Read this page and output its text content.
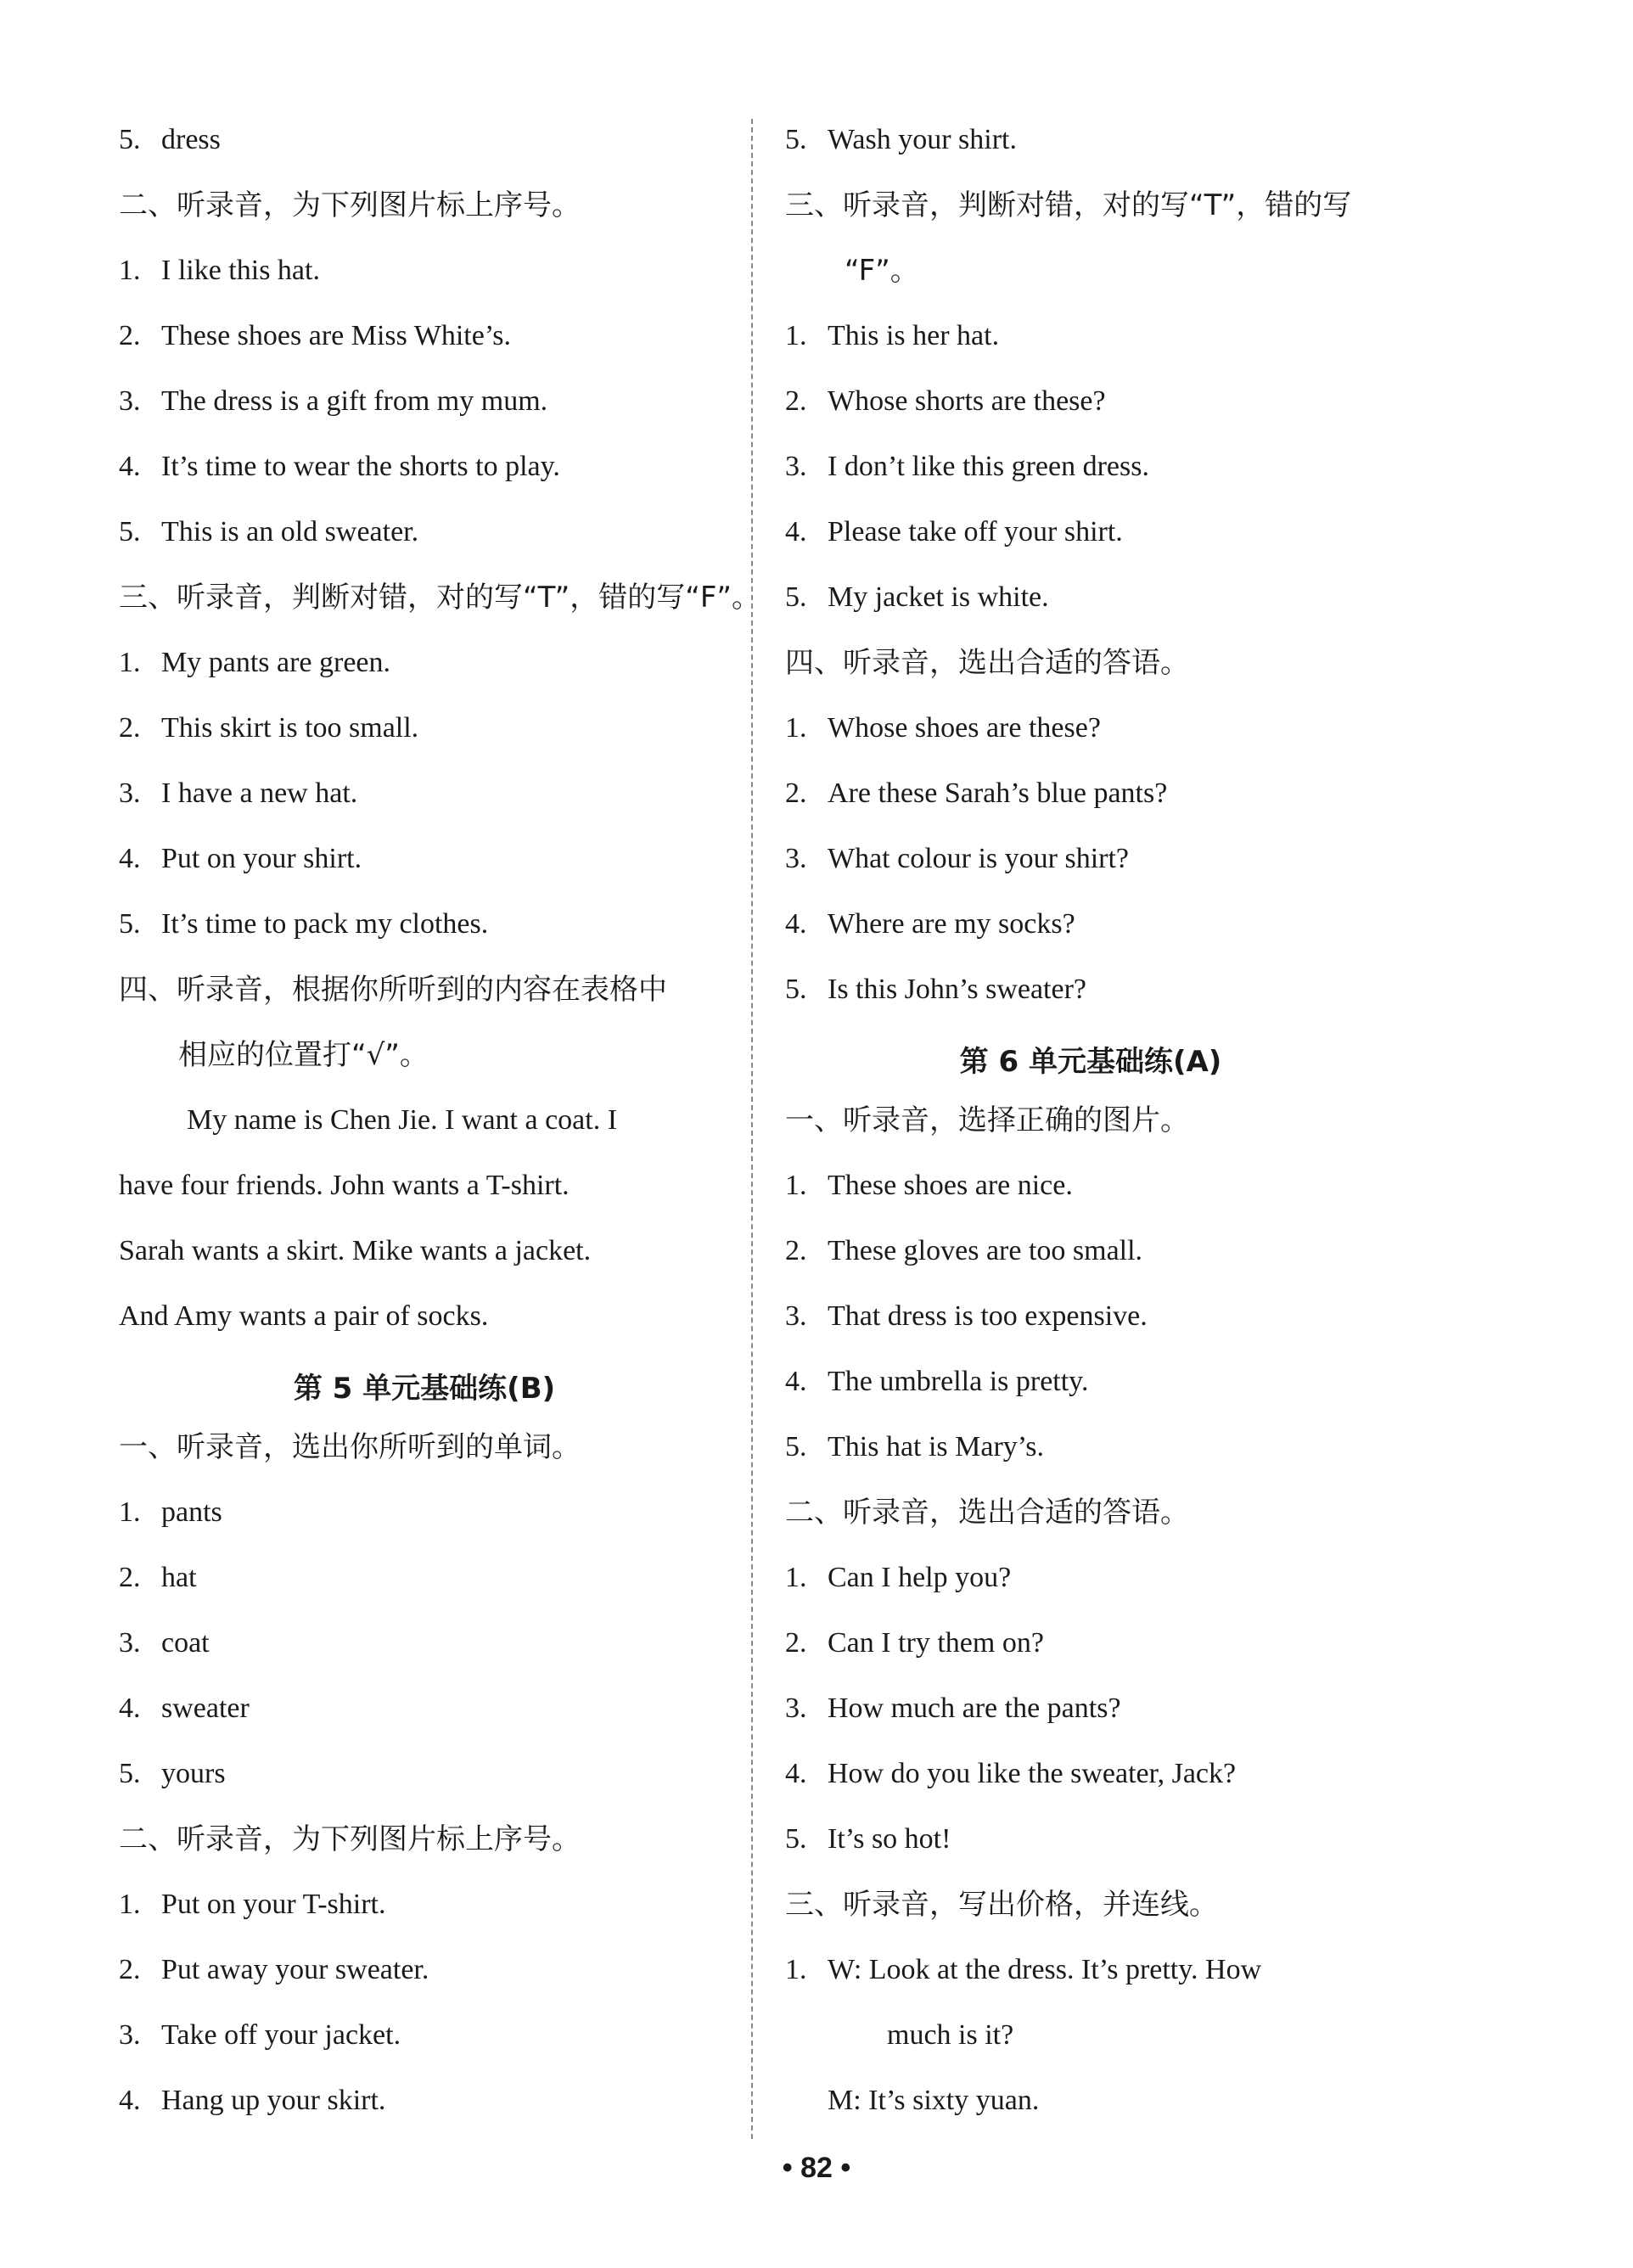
5. dress
二、听录音，为下列图片标上序号。
1. I like this hat.
2. These shoes are Miss White’s.
3. The dress is a gift from my mum.
4. It’s time to wear the shorts to play.
5. This is an old sweater.
三、听录音，判断对错，对的写“T”，错的写“F”。
1. My pants are green.
2. This skirt is too small.
3. I have a new hat.
4. Put on your shirt.
5. It’s time to pack my clothes.
四、听录音，根据你所听到的内容在表格中
相应的位置打“√”。
My name is Chen Jie. I want a coat. I
have four friends. John wants a T-shirt.
Sarah wants a skirt. Mike wants a jacket.
And Amy wants a pair of socks.
第 5 单元基础练(B)
一、听录音，选出你所听到的单词。
1. pants
2. hat
3. coat
4. sweater
5. yours
二、听录音，为下列图片标上序号。
1. Put on your T-shirt.
2. Put away your sweater.
3. Take off your jacket.
4. Hang up your skirt.
5. Wash your shirt.
三、听录音，判断对错，对的写“T”，错的写
“F”。
1. This is her hat.
2. Whose shorts are these?
3. I don’t like this green dress.
4. Please take off your shirt.
5. My jacket is white.
四、听录音，选出合适的答语。
1. Whose shoes are these?
2. Are these Sarah’s blue pants?
3. What colour is your shirt?
4. Where are my socks?
5. Is this John’s sweater?
第 6 单元基础练(A)
一、听录音，选择正确的图片。
1. These shoes are nice.
2. These gloves are too small.
3. That dress is too expensive.
4. The umbrella is pretty.
5. This hat is Mary’s.
二、听录音，选出合适的答语。
1. Can I help you?
2. Can I try them on?
3. How much are the pants?
4. How do you like the sweater, Jack?
5. It’s so hot!
三、听录音，写出价格，并连线。
1. W: Look at the dress. It’s pretty. How
much is it?
M: It’s sixty yuan.
• 82 •
